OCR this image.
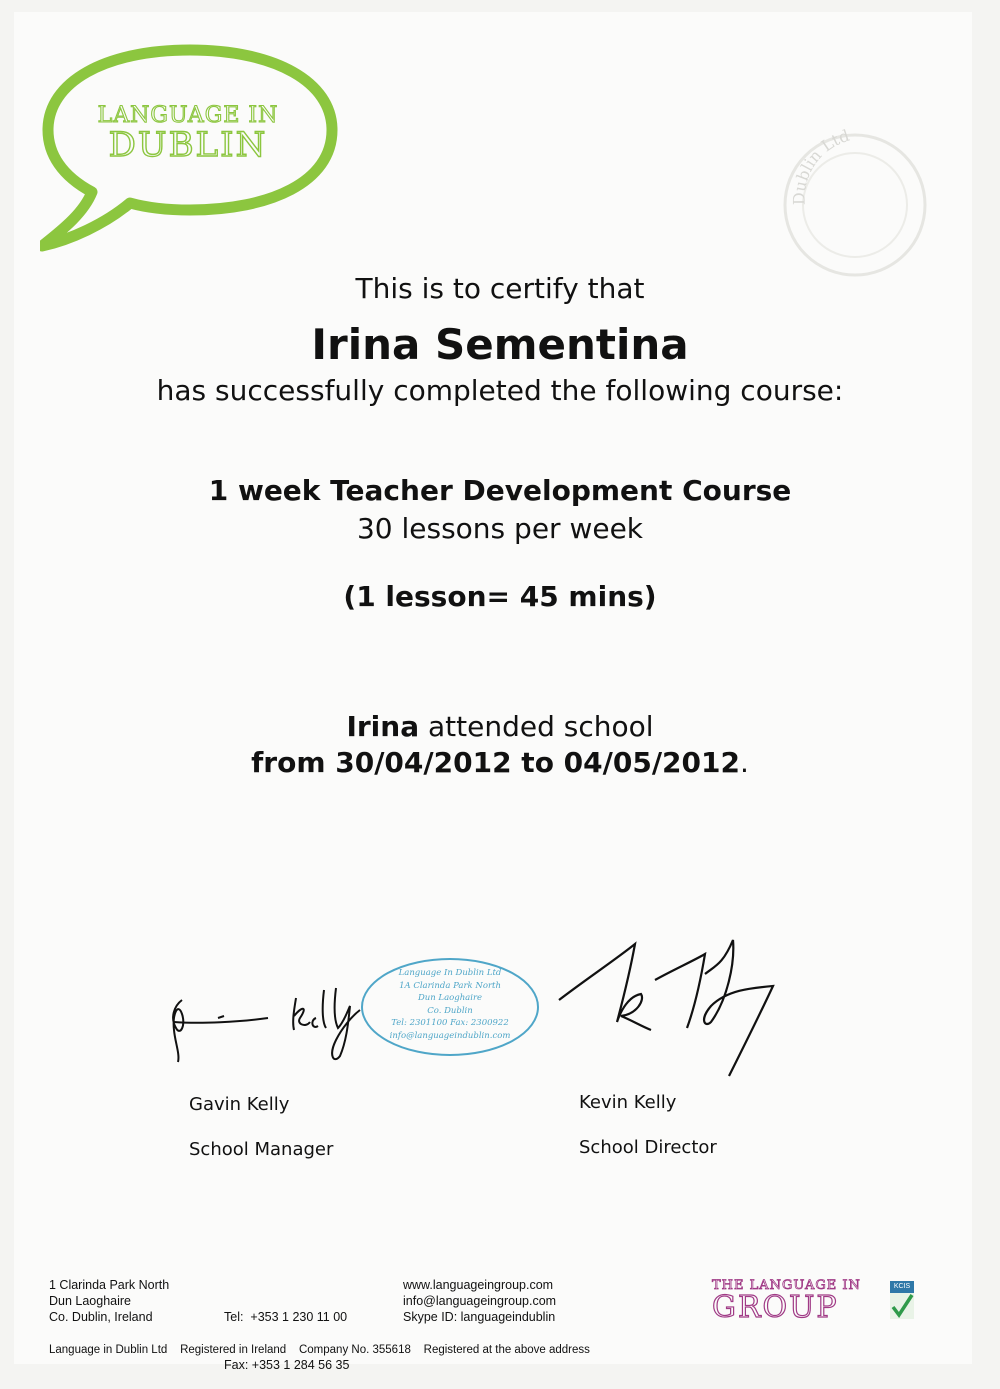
LANGUAGE IN
DUBLIN
Dublin Ltd
This is to certify that
Irina Sementina
has successfully completed the following course:
1 week Teacher Development Course
30 lessons per week
(1 lesson= 45 mins)
Irina attended school
from 30/04/2012 to 04/05/2012.
Language In Dublin Ltd
1A Clarinda Park North
Dun Laoghaire
Co. Dublin
Tel: 2301100 Fax: 2300922
info@languageindublin.com
Gavin Kelly
School Manager
Kevin Kelly
School Director
1 Clarinda Park North
Dun Laoghaire
Co. Dublin, Ireland

	Tel:  +353 1 230 11 00

Fax: +353 1 284 56 35

www.languageingroup.com
info@languageingroup.com
Skype ID: languageindublin
THE LANGUAGE IN
GROUP
KCIS
Language in Dublin Ltd Registered in Ireland Company No. 355618 Registered at the above address
